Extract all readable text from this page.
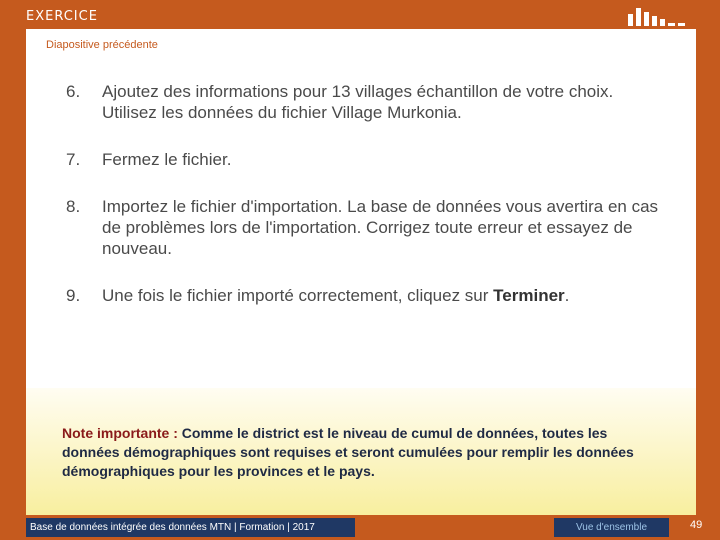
EXERCICE
Diapositive précédente
6. Ajoutez des informations pour 13 villages échantillon de votre choix. Utilisez les données du fichier Village Murkonia.
7. Fermez le fichier.
8. Importez le fichier d'importation. La base de données vous avertira en cas de problèmes lors de l'importation. Corrigez toute erreur et essayez de nouveau.
9. Une fois le fichier importé correctement, cliquez sur Terminer.
Note importante : Comme le district est le niveau de cumul de données, toutes les données démographiques sont requises et seront cumulées pour remplir les données démographiques pour les provinces et le pays.
Base de données intégrée des données MTN | Formation | 2017	Vue d'ensemble	49
